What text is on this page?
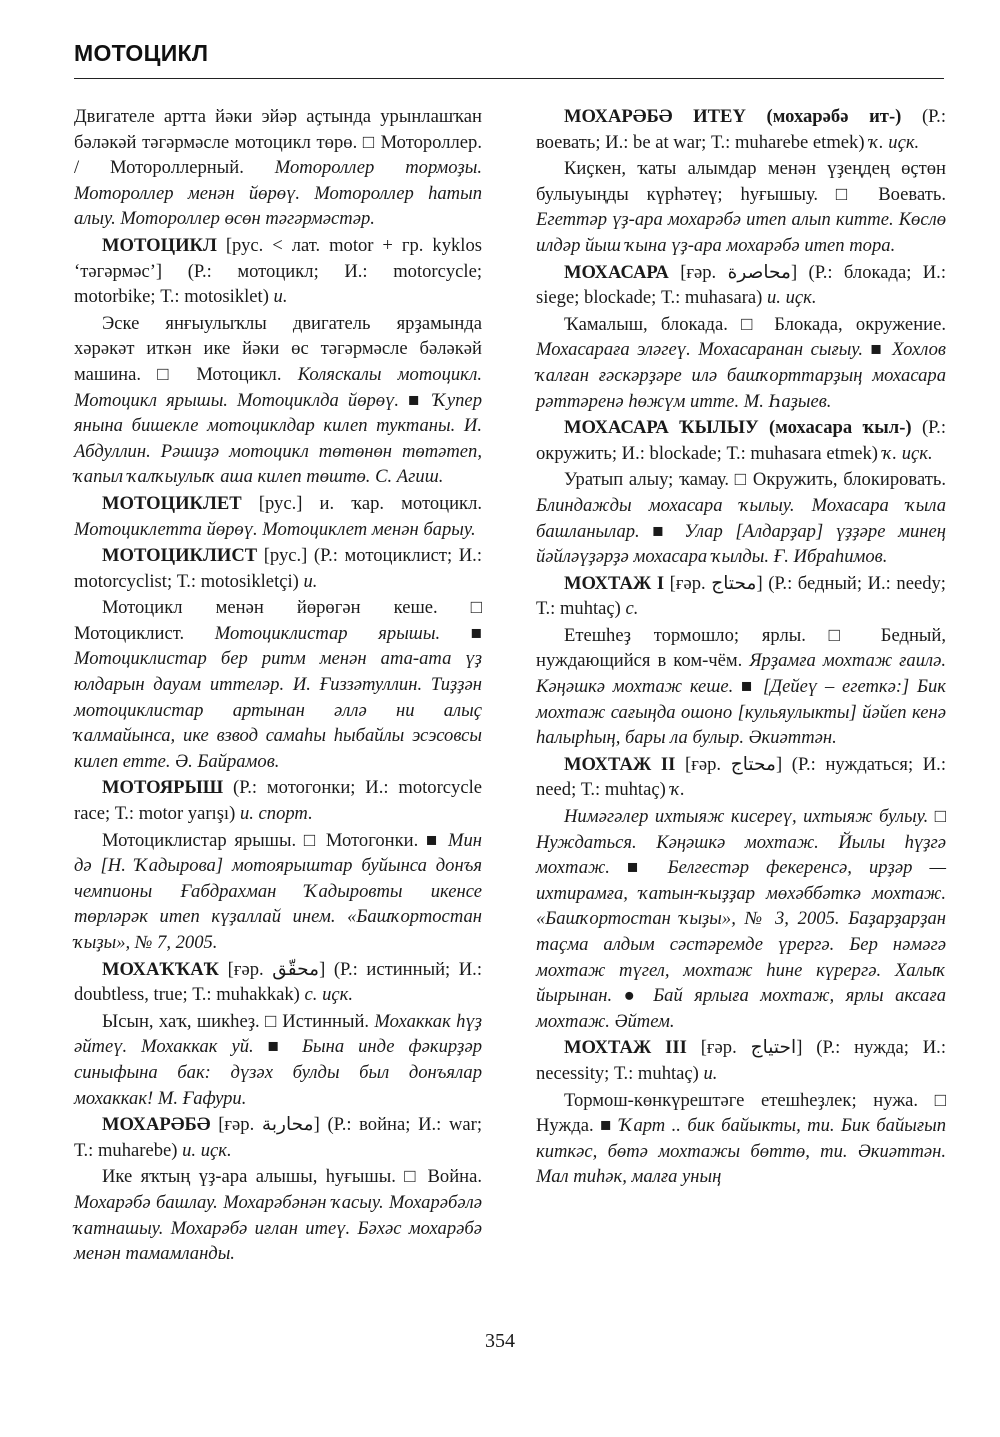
МОТОЦИКЛ

Двигателе артта йәки эйәр аҫтында урынлашҡан бәләкәй тәгәрмәсле мотоцикл төрө. □ Мотороллер. / Мотороллерный. Мотороллер тормоҙы. Мотороллер менән йөрөү. Мотороллер һатып алыу. Мотороллер өсөн тәгәрмәстәр.

МОТОЦИКЛ [рус. < лат. motor + гр. kyklos ‘тәгәрмәс’] (Р.: мотоцикл; И.: motorcycle; motorbike; Т.: motosiklet) и.

Эске янғыулыҡлы двигатель ярҙамында хәрәкәт иткән ике йәки өс тәгәрмәсле бәләкәй машина. □ Мотоцикл. Коляскалы мотоцикл. Мотоцикл ярышы. Мотоциклда йөрөү. ■ Ҡупер янына бишекле мотоциклдар килеп туктаны. И. Абдуллин. Рәшиҙә мотоцикл төтөнөн төтәтеп, ҡапыл ҡалҡыулыҡ аша килеп төштө. С. Агиш.

МОТОЦИКЛЕТ [рус.] и. ҡар. мотоцикл. Мотоциклетта йөрөү. Мотоциклет менән барыу.

МОТОЦИКЛИСТ [рус.] (Р.: мотоциклист; И.: motorcyclist; Т.: motosikletçi) и.

Мотоцикл менән йөрөгән кеше. □ Мотоциклист. Мотоциклистар ярышы. ■ Мотоциклистар бер ритм менән ата-ата үҙ юлдарын дауам иттеләр. И. Ғиззәтуллин. Тиҙҙән мотоциклистар артынан әллә ни алыҫ ҡалмайынса, ике взвод самаһы һыбайлы эсэсовсы килеп етте. Ә. Байрамов.

МОТОЯРЫШ (Р.: мотогонки; И.: motorcycle race; Т.: motor yarışı) и. спорт.

Мотоциклистар ярышы. □ Мотогонки. ■ Мин дә [Н. Ҡадырова] мотоярыштар буйынса донъя чемпионы Ғабдрахман Ҡадыровты икенсе төрләрәк итеп күҙаллай инем. «Башҡортостан ҡыҙы», № 7, 2005.

МОХАҠҠАҠ [ғәр. محقّق] (Р.: истинный; И.: doubtless, true; Т.: muhakkak) с. иҫк.

Ысын, хаҡ, шикһеҙ. □ Истинный. Мохаккак һүҙ әйтеү. Мохаккак уй. ■ Бына инде фәкирҙәр синыфына бак: дүзәх булды был донъялар мохаккак! М. Ғафури.

МОХАРӘБӘ [ғәр. محاربة] (Р.: война; И.: war; Т.: muharebe) и. иҫк.

Ике яҡтың үҙ-ара алышы, һуғышы. □ Война. Мохарәбә башлау. Мохарәбәнән ҡасыу. Мохарәбәлә ҡатнашыу. Мохарәбә иғлан итеү. Бәхәс мохарәбә менән тамамланды.

МОХАРӘБӘ ИТЕҮ (мохарәбә ит-) (Р.: воевать; И.: be at war; Т.: muharebe etmek) ҡ. иҫк.

Киҫкен, ҡаты алымдар менән үҙеңдең өҫтөн булыуыңды күрһәтеү; һуғышыу. □ Воевать. Егеттәр үҙ-ара мохарәбә итеп алып китте. Көслө илдәр йыш ҡына үҙ-ара мохарәбә итеп тора.

МОХАСАРА [ғәр. محاصرة] (Р.: блокада; И.: siege; blockade; Т.: muhasara) и. иҫк.

Ҡамалыш, блокада. □ Блокада, окружение. Мохасараға эләгеү. Мохасаранан сығыу. ■ Хохлов ҡалған ғәскәрҙәре илә башҡорттарҙың мохасара рәттәренә һөжүм итте. М. Һаҙыев.

МОХАСАРА ҠЫЛЫУ (мохасара ҡыл-) (Р.: окружить; И.: blockade; Т.: muhasara etmek) ҡ. иҫк.

Уратып алыу; ҡамау. □ Окружить, блокировать. Блиндажды мохасара ҡылыу. Мохасара ҡыла башланылар. ■ Улар [Алдарҙар] үҙҙәре минең йәйләүҙәрҙә мохасара ҡылды. Ғ. Ибраһимов.

МОХТАЖ I [ғәр. محتاج] (Р.: бедный; И.: needy; Т.: muhtaç) с.

Етешһеҙ тормошло; ярлы. □ Бедный, нуждающийся в ком-чём. Ярҙамға мохтаж ғаилә. Кәңәшкә мохтаж кеше. ■ [Дейеү – егеткә:] Бик мохтаж сағыңда ошоно [кульяулыкты] йәйеп кенә һалырһың, бары ла булыр. Әкиәттән.

МОХТАЖ II [ғәр. محتاج] (Р.: нуждаться; И.: need; Т.: muhtaç) ҡ.

Нимәгәлер ихтыяж кисереү, ихтыяж булыу. □ Нуждаться. Кәңәшкә мохтаж. Йылы һүҙгә мохтаж. ■ Белгестәр фекеренсә, ирҙәр — ихтирамға, ҡатын-ҡыҙҙар мөхәббәткә мохтаж. «Башҡортостан ҡыҙы», № 3, 2005. Баҙарҙарҙан таҫма алдым сәстәремде үрергә. Бер нәмәгә мохтаж түгел, мохтаж һине күрергә. Халыҡ йырынан. ● Бай ярлыға мохтаж, ярлы аксаға мохтаж. Әйтем.

МОХТАЖ III [ғәр. احتياج] (Р.: нужда; И.: necessity; Т.: muhtaç) и.

Тормош-көнкүрештәге етешһеҙлек; нужа. □ Нужда. ■ Ҡарт .. бик байыкты, ти. Бик байығып киткәс, бөтә мохтажы бөттө, ти. Әкиәттән. Мал тиһәк, малға уның

354
